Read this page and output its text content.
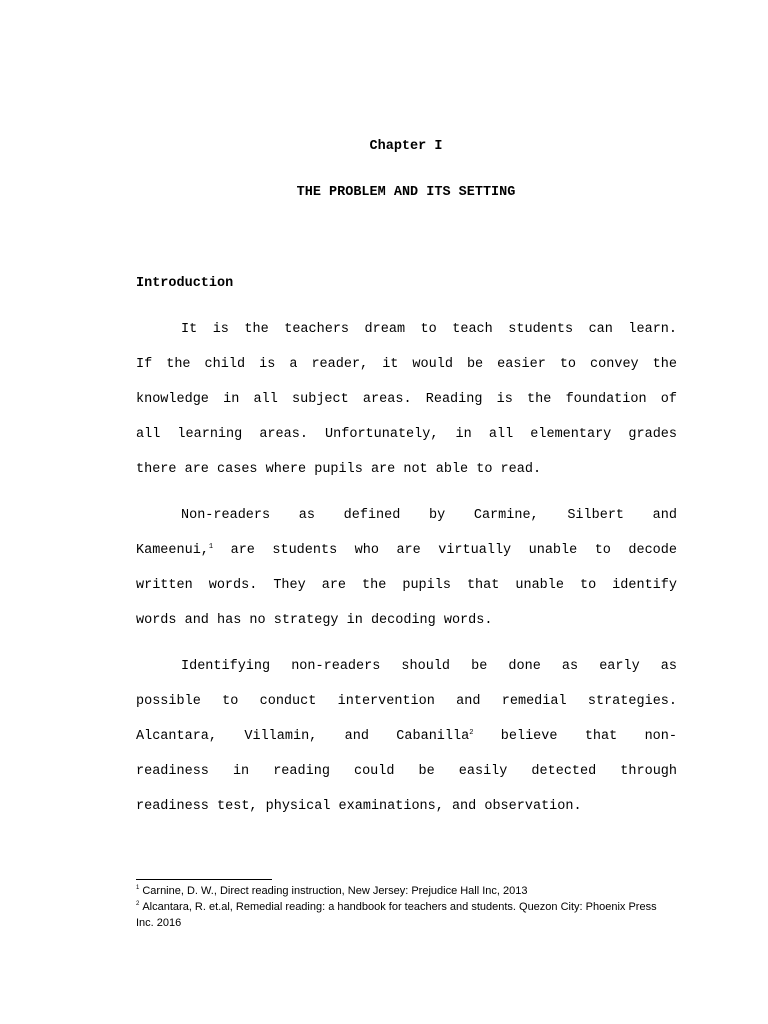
Chapter I
THE PROBLEM AND ITS SETTING
Introduction
It is the teachers dream to teach students can learn.
If the child is a reader, it would be easier to convey the
knowledge in all subject areas. Reading is the foundation of
all learning areas. Unfortunately, in all elementary grades
there are cases where pupils are not able to read.
Non-readers as defined by Carmine, Silbert and
Kameenui,$^1$ are students who are virtually unable to decode
written words. They are the pupils that unable to identify
words and has no strategy in decoding words.
Identifying non-readers should be done as early as
possible to conduct intervention and remedial strategies.
Alcantara, Villamin, and Cabanilla$^2$ believe that non-
readiness in reading could be easily detected through
readiness test, physical examinations, and observation.
$^1$ Carnine, D. W., Direct reading instruction, New Jersey: Prejudice Hall Inc, 2013
$^2$ Alcantara, R. et.al, Remedial reading: a handbook for teachers and students. Quezon City: Phoenix Press
Inc. 2016
